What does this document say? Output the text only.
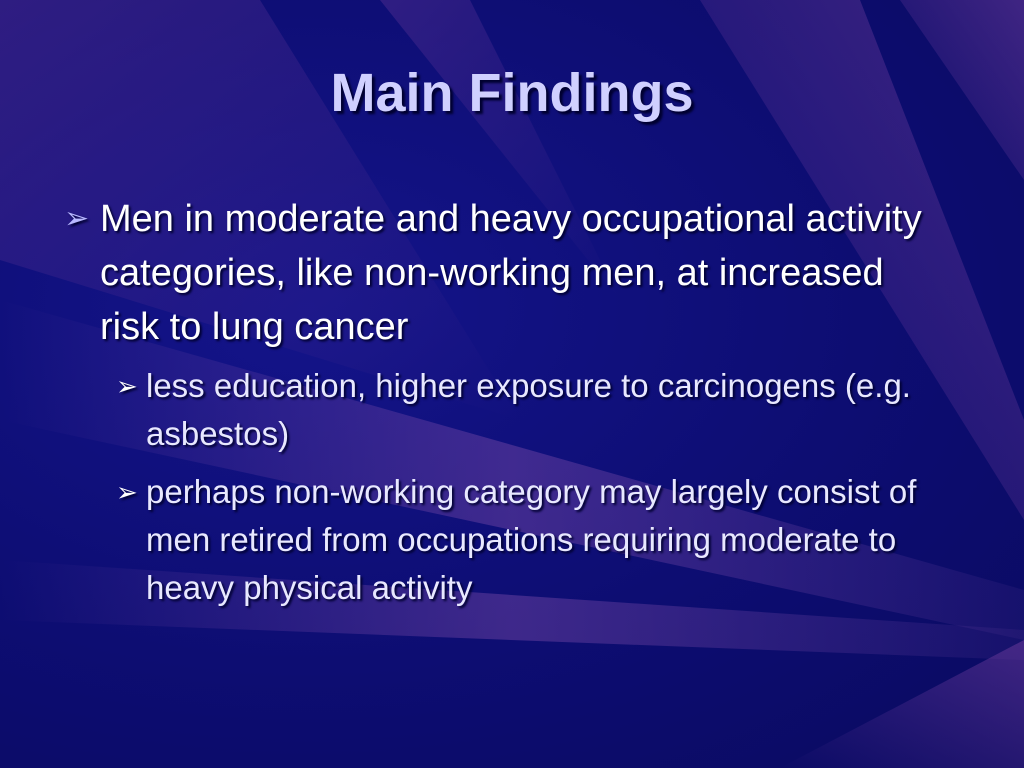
Main Findings
➢ Men in moderate and heavy occupational activity categories, like non-working men, at increased risk to lung cancer
➢ less education, higher exposure to carcinogens (e.g. asbestos)
➢ perhaps non-working category may largely consist of men retired from occupations requiring moderate to heavy physical activity
